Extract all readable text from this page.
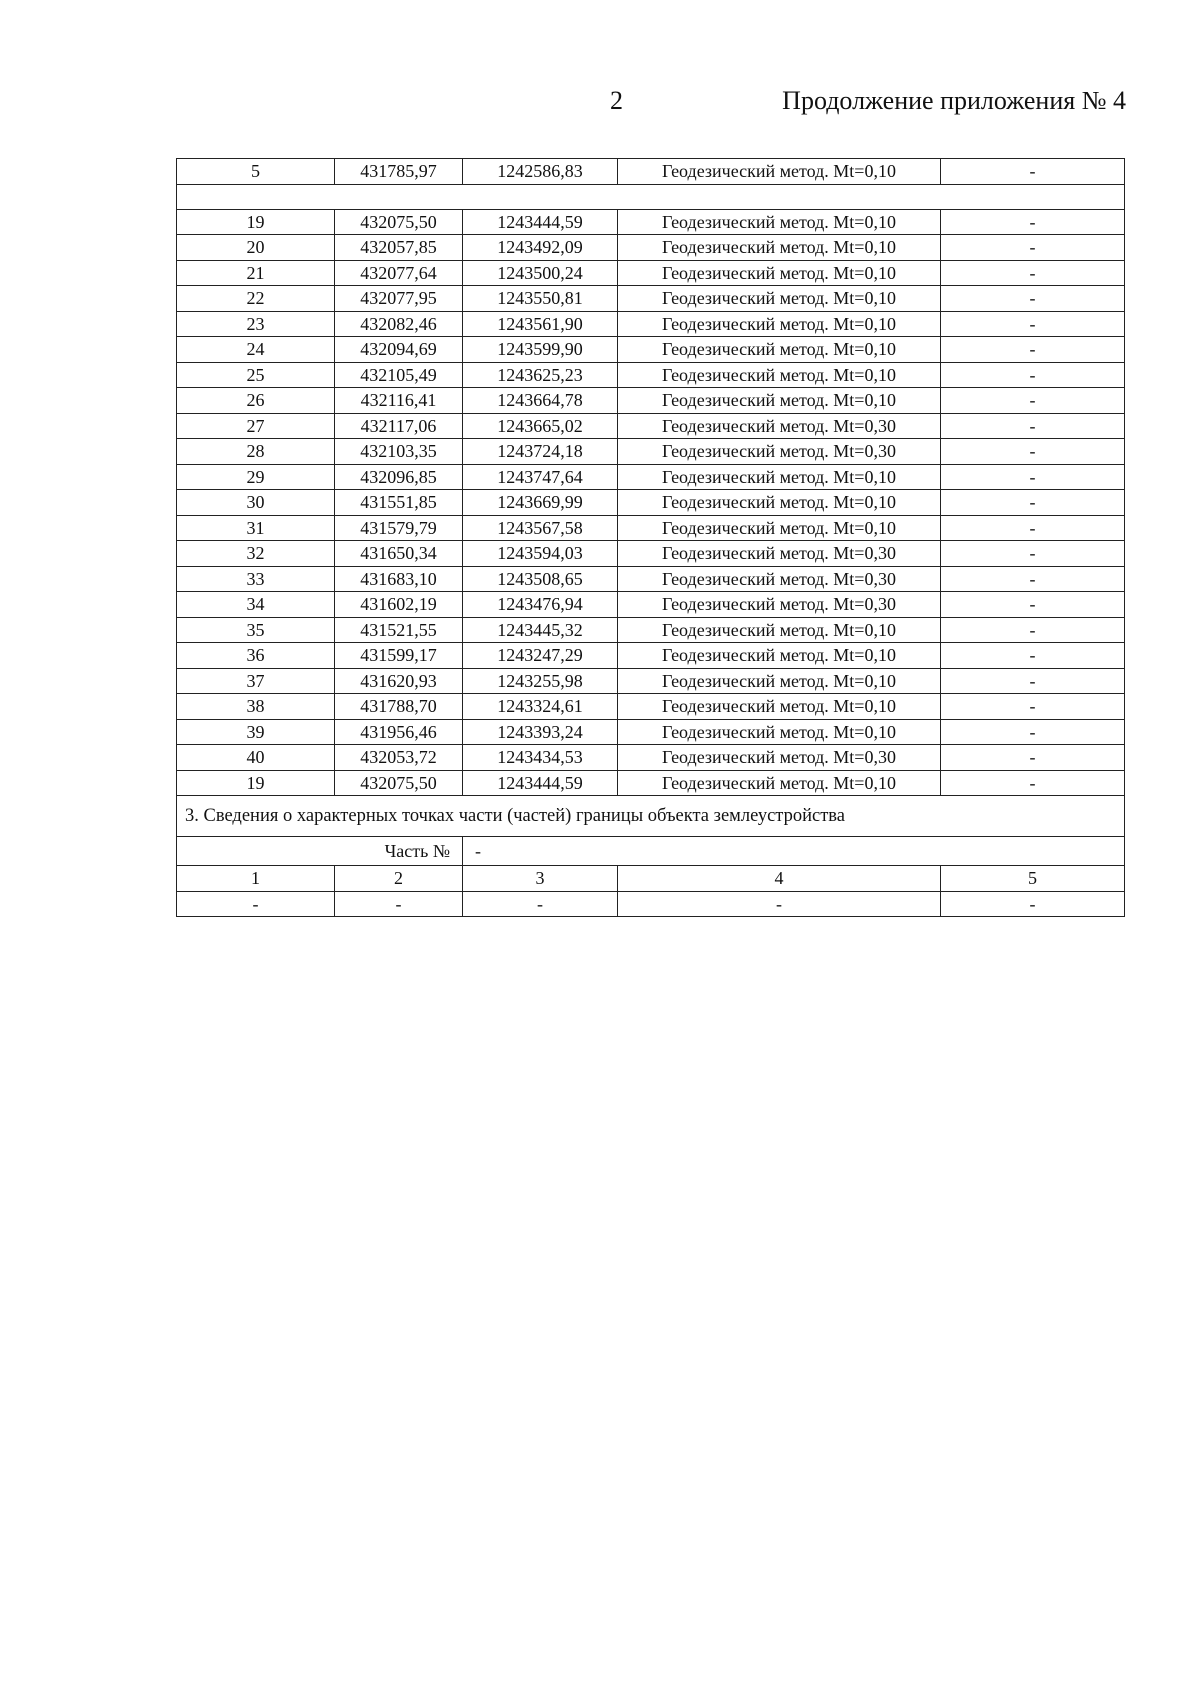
2	Продолжение приложения № 4
5	431785,97	1242586,83	Геодезический метод. Mt=0,10	-

19	432075,50	1243444,59	Геодезический метод. Mt=0,10	-
20	432057,85	1243492,09	Геодезический метод. Mt=0,10	-
21	432077,64	1243500,24	Геодезический метод. Mt=0,10	-
22	432077,95	1243550,81	Геодезический метод. Mt=0,10	-
23	432082,46	1243561,90	Геодезический метод. Mt=0,10	-
24	432094,69	1243599,90	Геодезический метод. Mt=0,10	-
25	432105,49	1243625,23	Геодезический метод. Mt=0,10	-
26	432116,41	1243664,78	Геодезический метод. Mt=0,10	-
27	432117,06	1243665,02	Геодезический метод. Mt=0,30	-
28	432103,35	1243724,18	Геодезический метод. Mt=0,30	-
29	432096,85	1243747,64	Геодезический метод. Mt=0,10	-
30	431551,85	1243669,99	Геодезический метод. Mt=0,10	-
31	431579,79	1243567,58	Геодезический метод. Mt=0,10	-
32	431650,34	1243594,03	Геодезический метод. Mt=0,30	-
33	431683,10	1243508,65	Геодезический метод. Mt=0,30	-
34	431602,19	1243476,94	Геодезический метод. Mt=0,30	-
35	431521,55	1243445,32	Геодезический метод. Mt=0,10	-
36	431599,17	1243247,29	Геодезический метод. Mt=0,10	-
37	431620,93	1243255,98	Геодезический метод. Mt=0,10	-
38	431788,70	1243324,61	Геодезический метод. Mt=0,10	-
39	431956,46	1243393,24	Геодезический метод. Mt=0,10	-
40	432053,72	1243434,53	Геодезический метод. Mt=0,30	-
19	432075,50	1243444,59	Геодезический метод. Mt=0,10	-
3. Сведения о характерных точках части (частей) границы объекта землеустройства				
Часть №		-		
1	2	3	4	5
-	-	-	-	-
